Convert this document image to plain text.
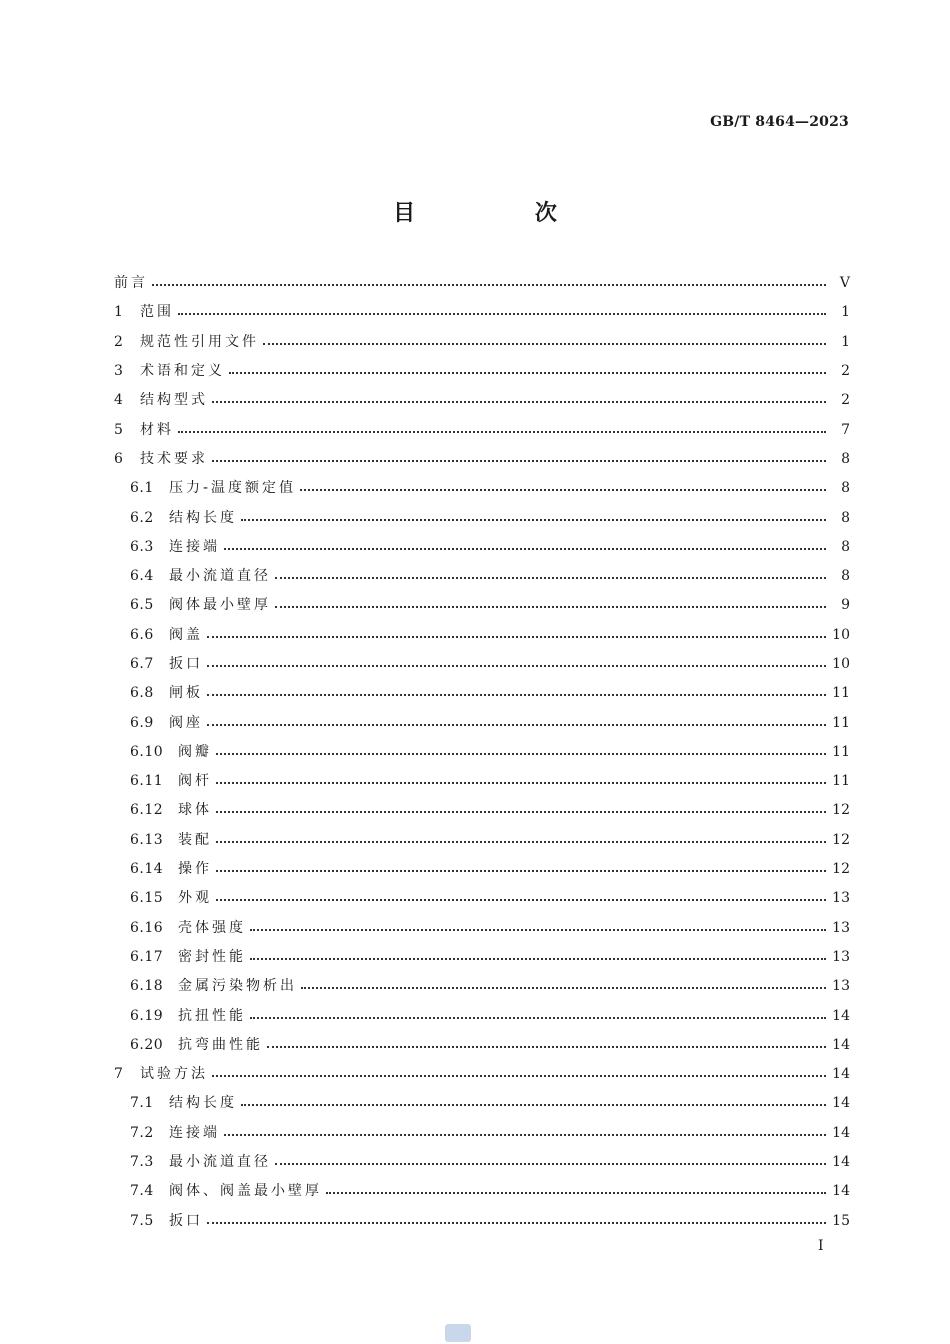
GB/T 8464—2023
目 次
前言	V
1	范围	1
2	规范性引用文件	1
3	术语和定义	2
4	结构型式	2
5	材料	7
6	技术要求	8
6.1	压力-温度额定值	8
6.2	结构长度	8
6.3	连接端	8
6.4	最小流道直径	8
6.5	阀体最小壁厚	9
6.6	阀盖	10
6.7	扳口	10
6.8	闸板	11
6.9	阀座	11
6.10	阀瓣	11
6.11	阀杆	11
6.12	球体	12
6.13	装配	12
6.14	操作	12
6.15	外观	13
6.16	壳体强度	13
6.17	密封性能	13
6.18	金属污染物析出	13
6.19	抗扭性能	14
6.20	抗弯曲性能	14
7	试验方法	14
7.1	结构长度	14
7.2	连接端	14
7.3	最小流道直径	14
7.4	阀体、阀盖最小壁厚	14
7.5	扳口	15
I
